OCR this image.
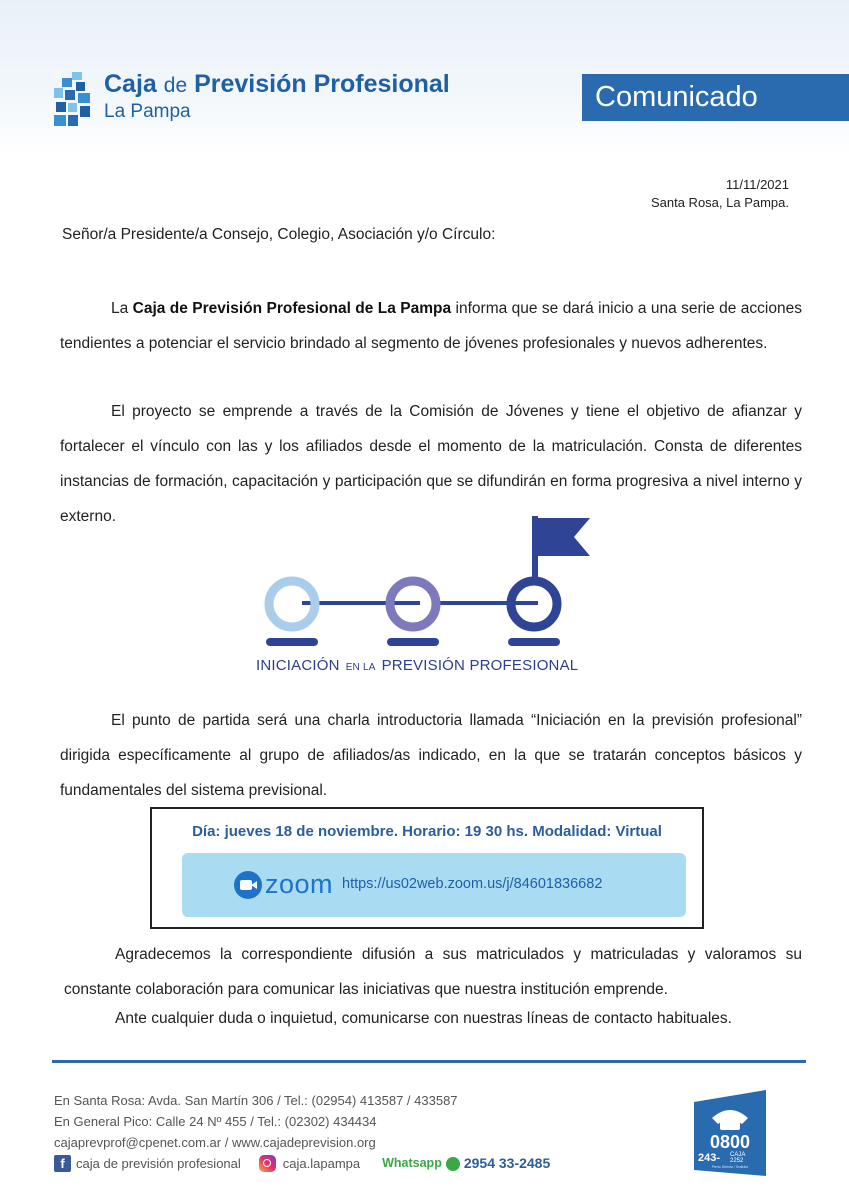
Caja de Previsión Profesional
La Pampa	Comunicado
11/11/2021
Santa Rosa, La Pampa.
Señor/a Presidente/a Consejo, Colegio, Asociación y/o Círculo:
La Caja de Previsión Profesional de La Pampa informa que se dará inicio a una serie de acciones tendientes a potenciar el servicio brindado al segmento de jóvenes profesionales y nuevos adherentes.
El proyecto se emprende a través de la Comisión de Jóvenes y tiene el objetivo de afianzar y fortalecer el vínculo con las y los afiliados desde el momento de la matriculación. Consta de diferentes instancias de formación, capacitación y participación que se difundirán en forma progresiva a nivel interno y externo.
INICIACIÓN EN LA PREVISIÓN PROFESIONAL
El punto de partida será una charla introductoria llamada “Iniciación en la previsión profesional” dirigida específicamente al grupo de afiliados/as indicado, en la que se tratarán conceptos básicos y fundamentales del sistema previsional.
Día: jueves 18 de noviembre. Horario: 19 30 hs. Modalidad: Virtual
zoom https://us02web.zoom.us/j/84601836682
Agradecemos la correspondiente difusión a sus matriculados y matriculadas y valoramos su constante colaboración para comunicar las iniciativas que nuestra institución emprende.
Ante cualquier duda o inquietud, comunicarse con nuestras líneas de contacto habituales.
En Santa Rosa: Avda. San Martín 306 / Tel.: (02954) 413587 / 433587
En General Pico: Calle 24 Nº 455 / Tel.: (02302) 434434
cajaprevprof@cpenet.com.ar / www.cajadeprevision.org
f caja de previsión profesional	caja.lapampa Whatsapp 2954 33-2485
0800
243- CAJA
2252
Pleno Directo / Gratuito
